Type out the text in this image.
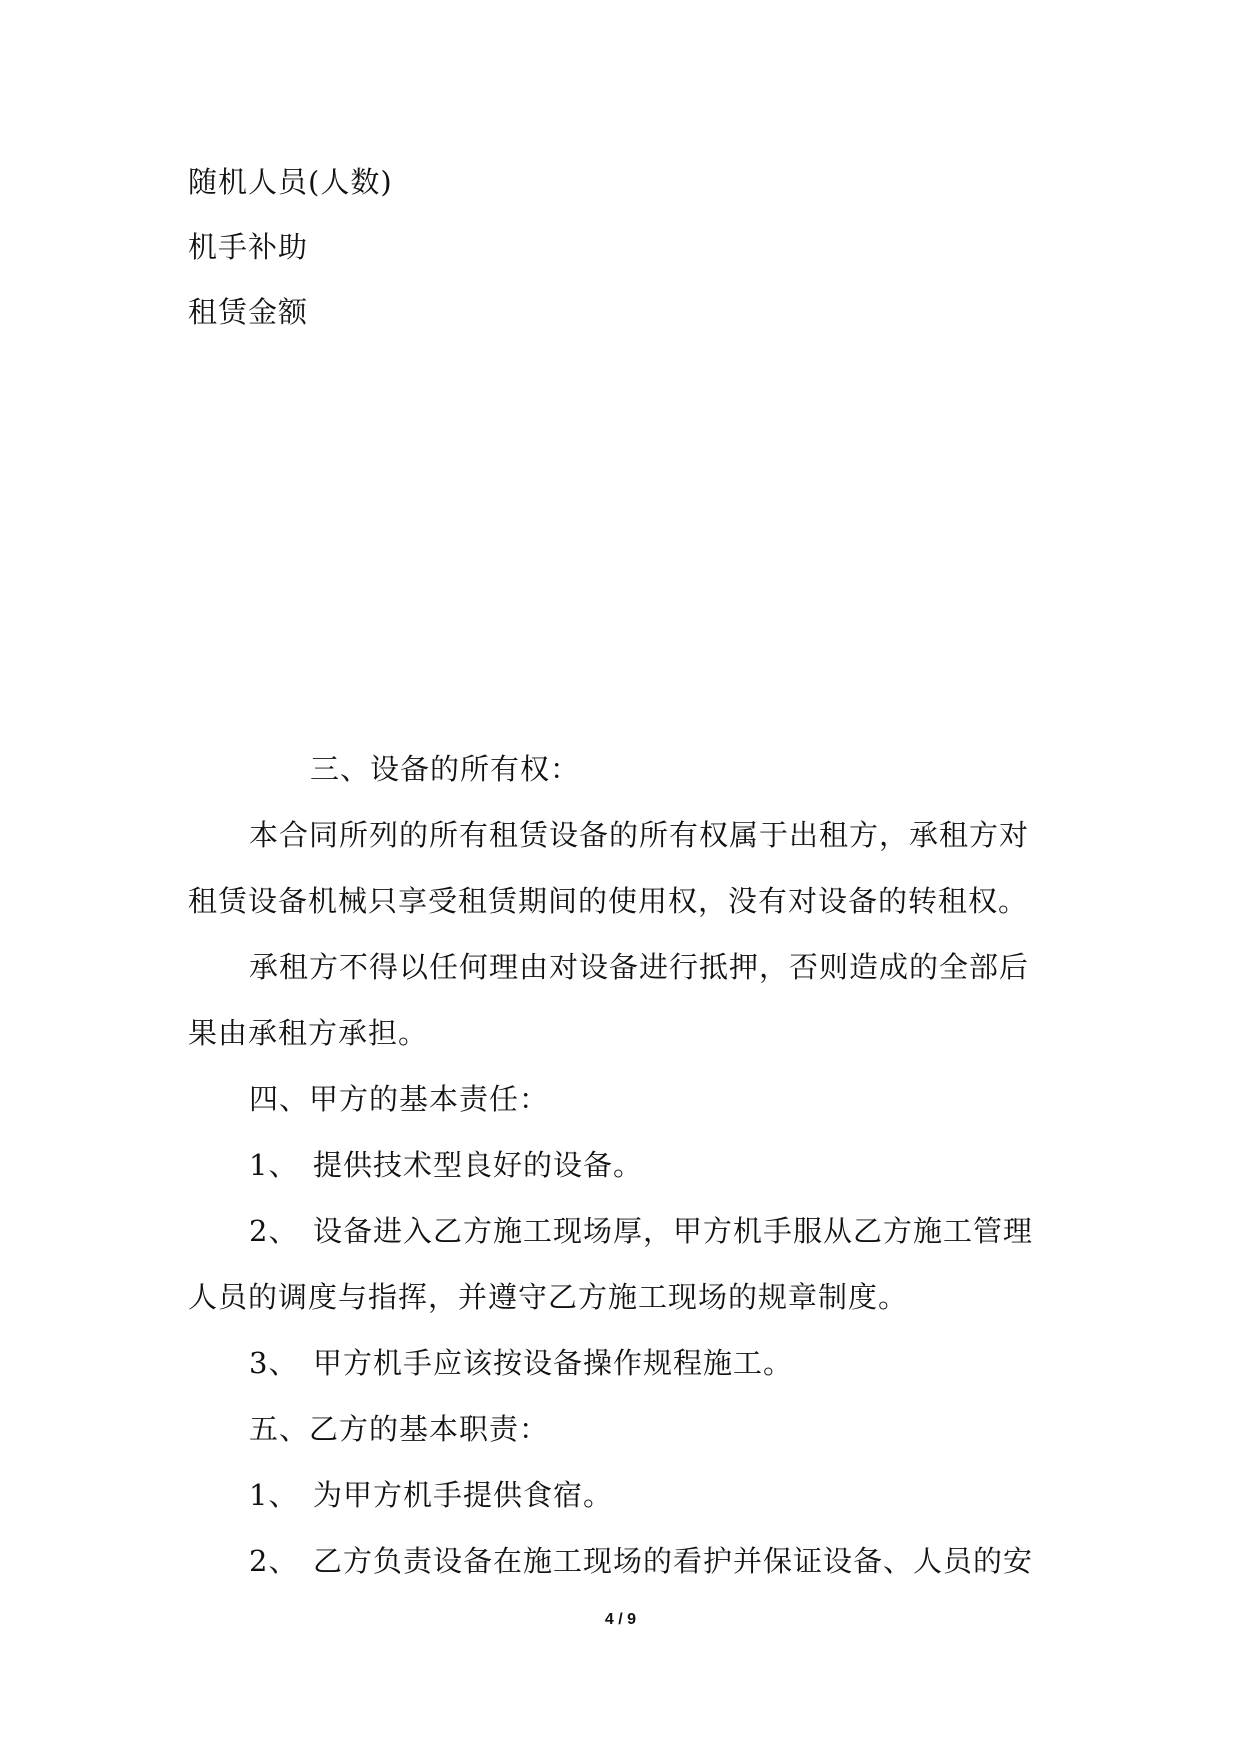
随机人员(人数)
机手补助
租赁金额
三、设备的所有权：
本合同所列的所有租赁设备的所有权属于出租方，承租方对
租赁设备机械只享受租赁期间的使用权，没有对设备的转租权。
承租方不得以任何理由对设备进行抵押，否则造成的全部后
果由承租方承担。
四、甲方的基本责任：
1、 提供技术型良好的设备。
2、 设备进入乙方施工现场厚，甲方机手服从乙方施工管理
人员的调度与指挥，并遵守乙方施工现场的规章制度。
3、 甲方机手应该按设备操作规程施工。
五、乙方的基本职责：
1、 为甲方机手提供食宿。
2、 乙方负责设备在施工现场的看护并保证设备、人员的安
4 / 9
